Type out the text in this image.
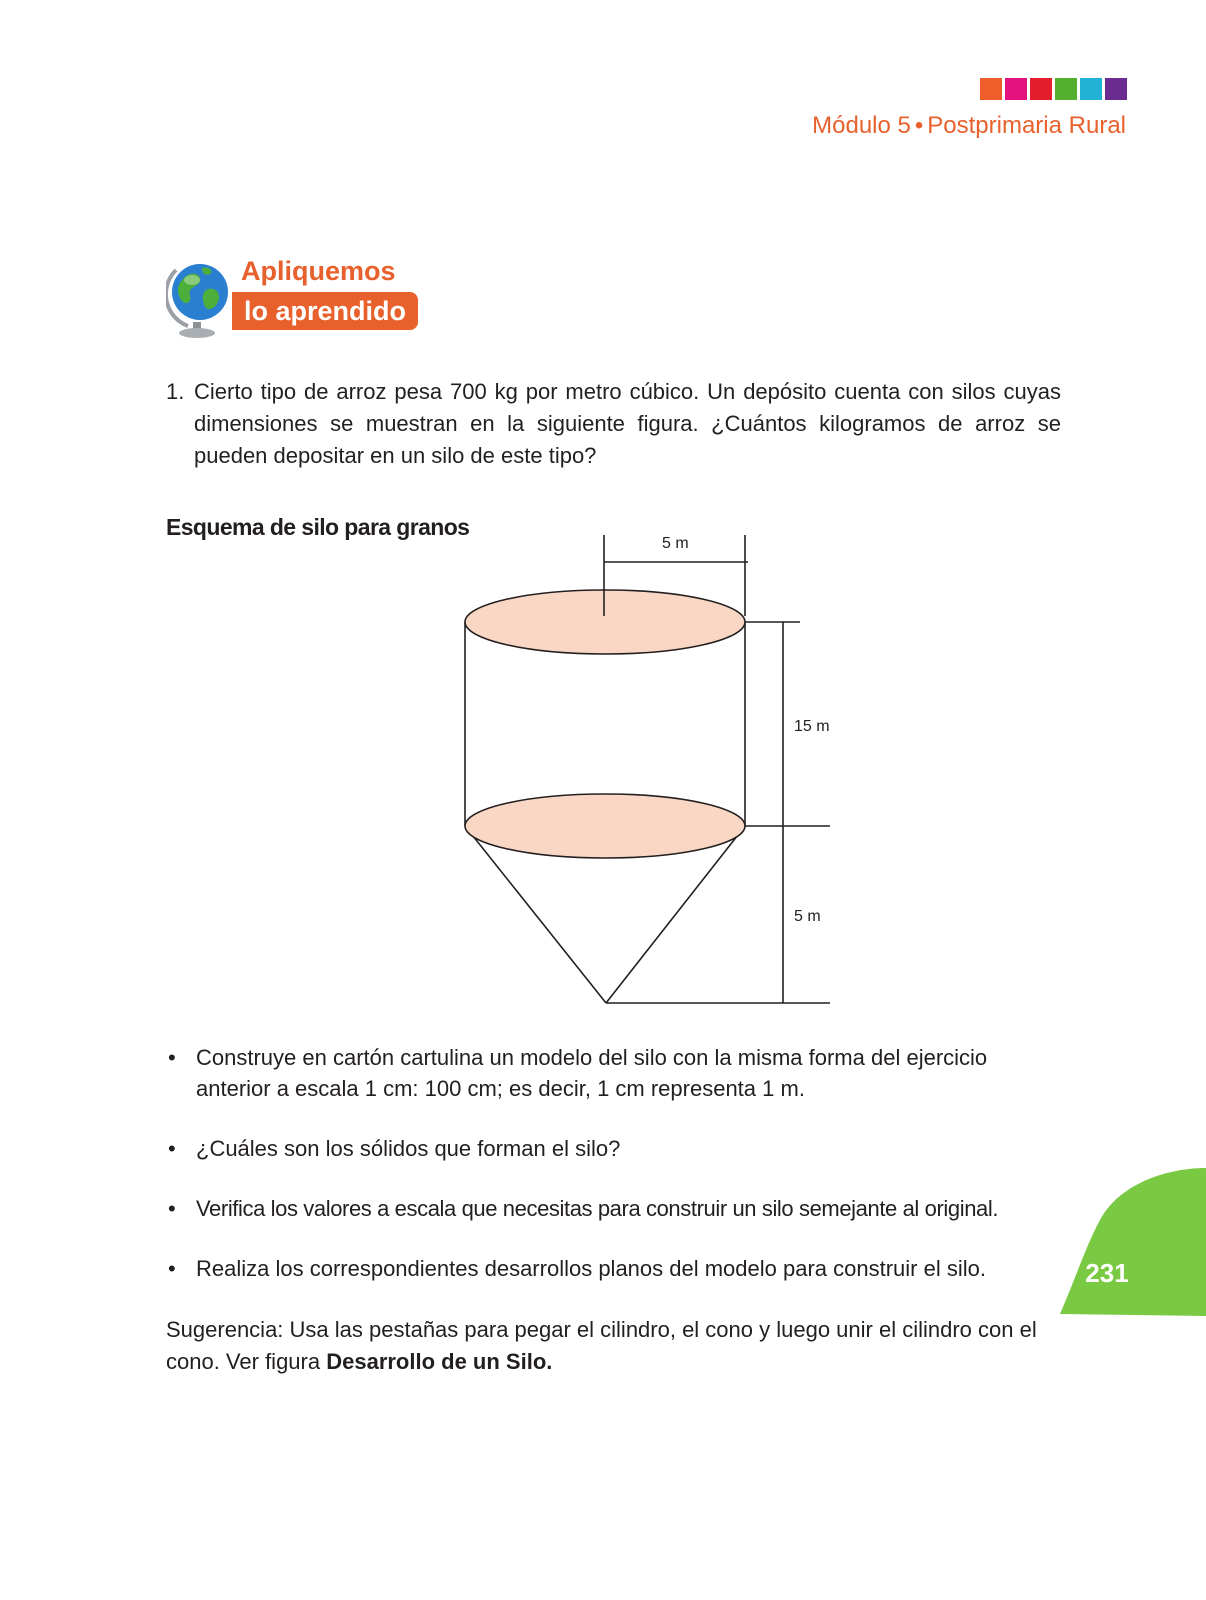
Módulo 5 • Postprimaria Rural
Apliquemos
lo aprendido
1. Cierto tipo de arroz pesa 700 kg por metro cúbico. Un depósito cuenta con silos cuyas dimensiones se muestran en la siguiente figura. ¿Cuántos kilogramos de arroz se pueden depositar en un silo de este tipo?
Esquema de silo para granos
5 m
15 m
5 m
• Construye en cartón cartulina un modelo del silo con la misma forma del ejercicio anterior a escala 1 cm: 100 cm; es decir, 1 cm representa 1 m.
• ¿Cuáles son los sólidos que forman el silo?
• Verifica los valores a escala que necesitas para construir un silo semejante al original.
• Realiza los correspondientes desarrollos planos del modelo para construir el silo.
Sugerencia: Usa las pestañas para pegar el cilindro, el cono y luego unir el cilindro con el cono. Ver figura Desarrollo de un Silo.
231
